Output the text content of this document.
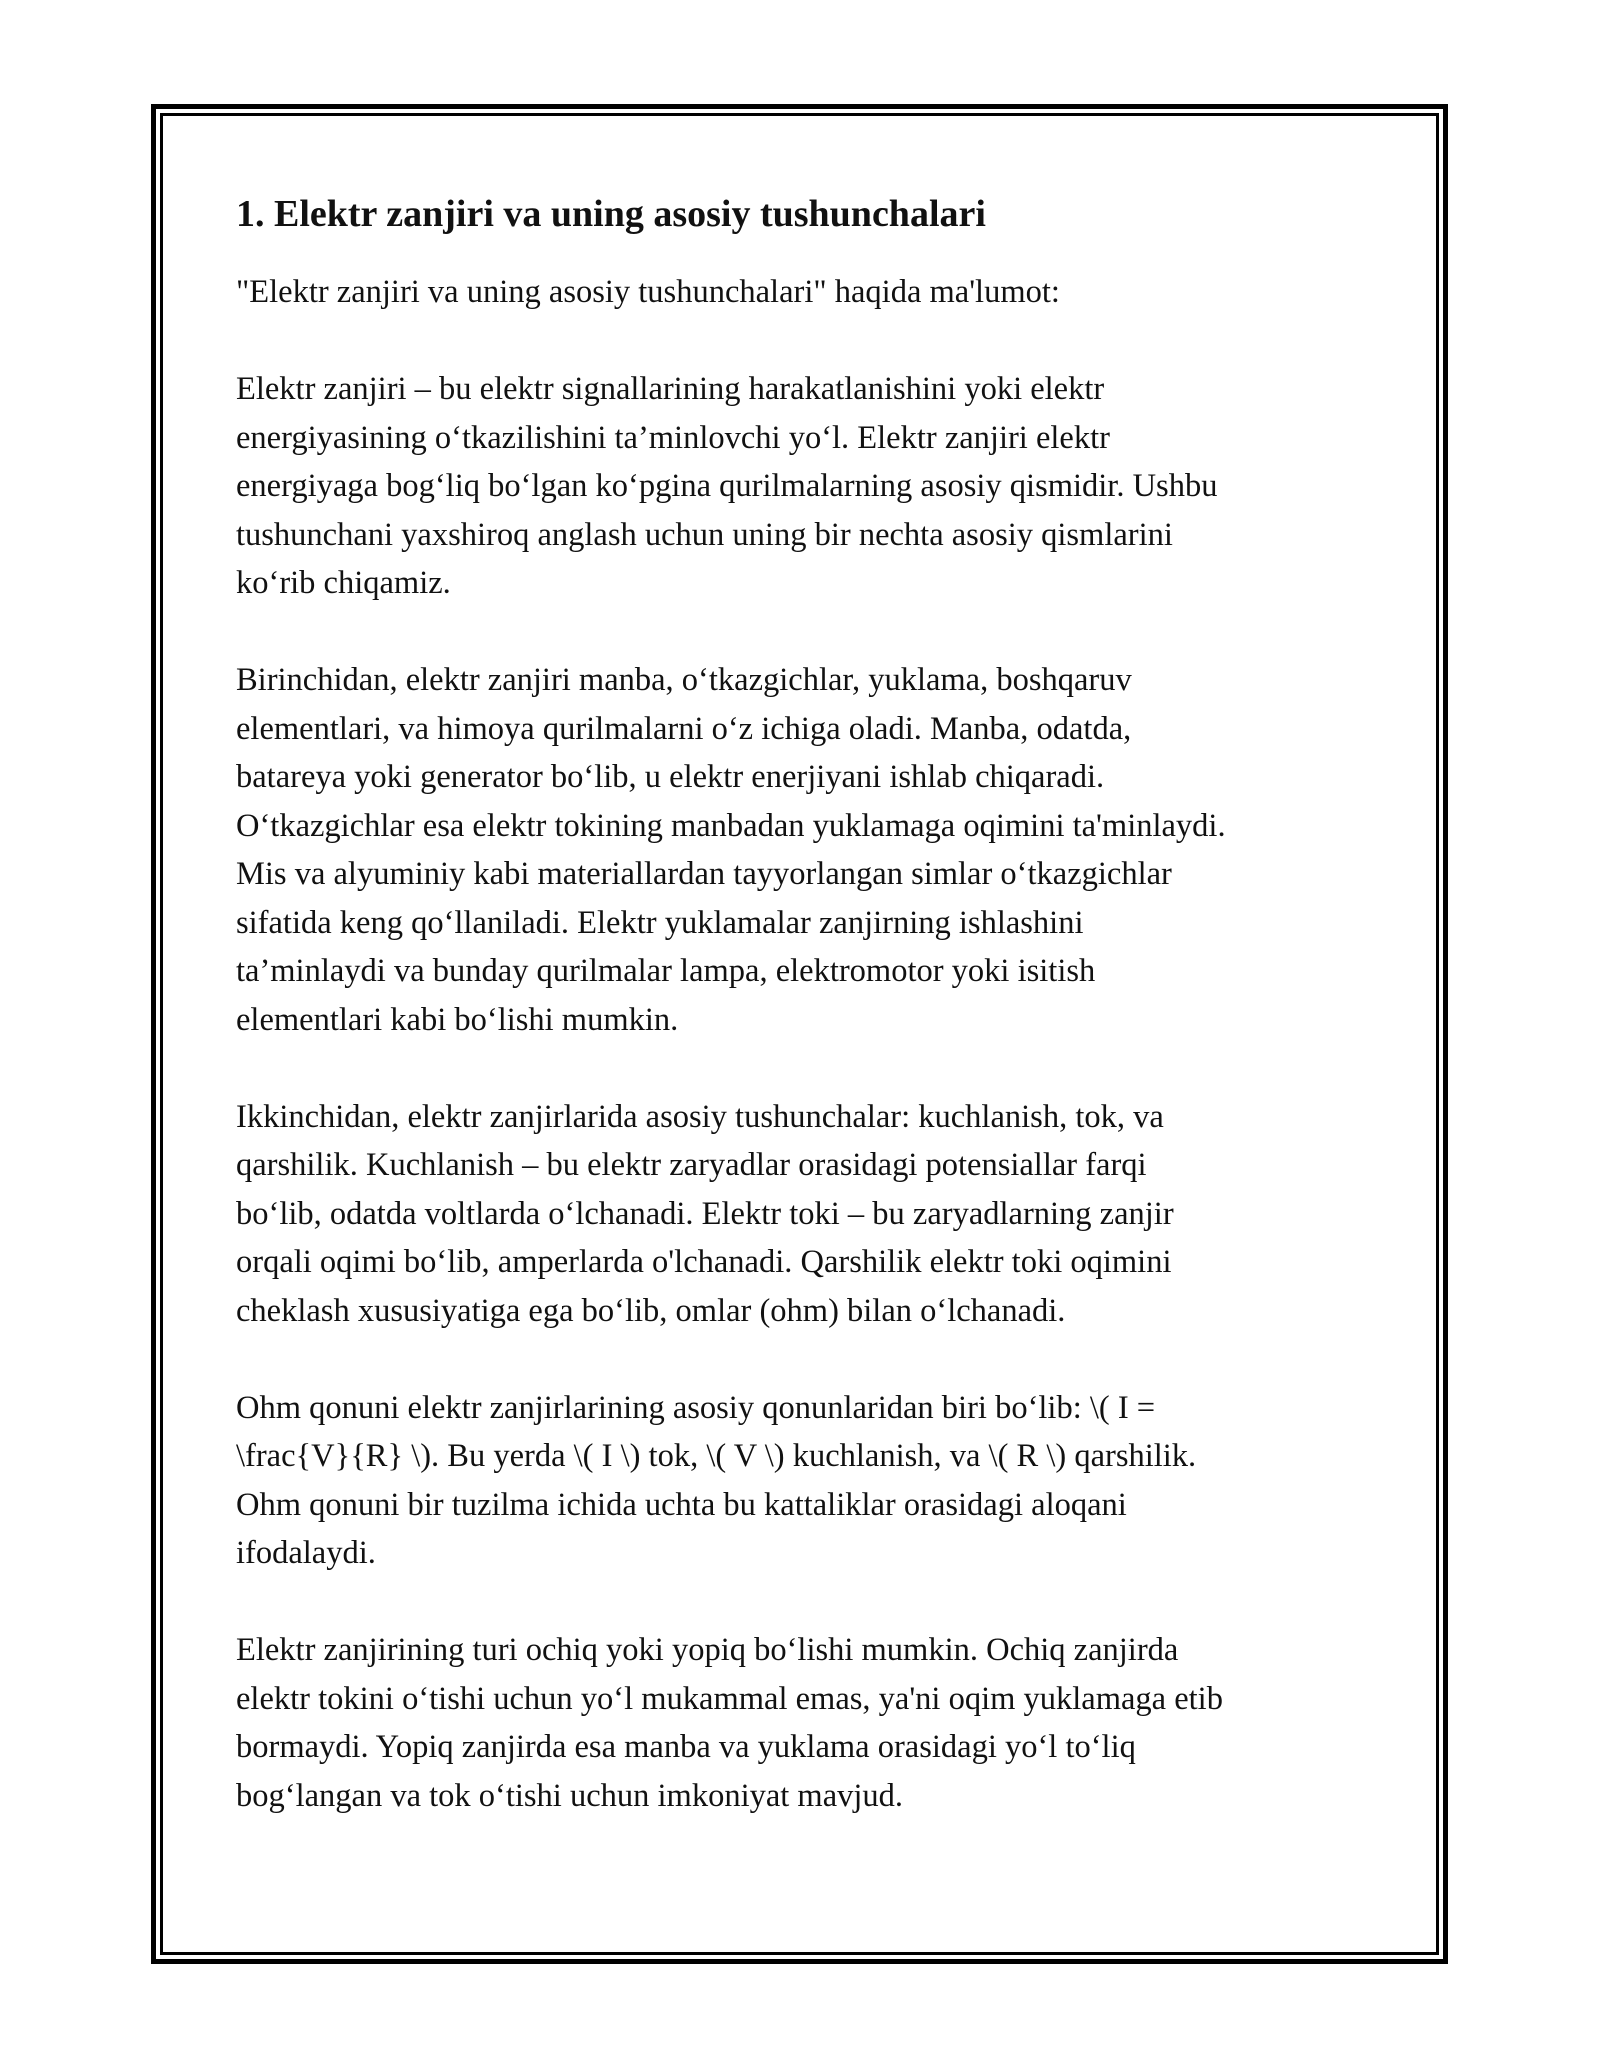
1. Elektr zanjiri va uning asosiy tushunchalari

"Elektr zanjiri va uning asosiy tushunchalari" haqida ma'lumot:

Elektr zanjiri – bu elektr signallarining harakatlanishini yoki elektr
energiyasining o‘tkazilishini ta’minlovchi yo‘l. Elektr zanjiri elektr
energiyaga bog‘liq bo‘lgan ko‘pgina qurilmalarning asosiy qismidir. Ushbu
tushunchani yaxshiroq anglash uchun uning bir nechta asosiy qismlarini
ko‘rib chiqamiz.

Birinchidan, elektr zanjiri manba, o‘tkazgichlar, yuklama, boshqaruv
elementlari, va himoya qurilmalarni o‘z ichiga oladi. Manba, odatda,
batareya yoki generator bo‘lib, u elektr enerjiyani ishlab chiqaradi.
O‘tkazgichlar esa elektr tokining manbadan yuklamaga oqimini ta'minlaydi.
Mis va alyuminiy kabi materiallardan tayyorlangan simlar o‘tkazgichlar
sifatida keng qo‘llaniladi. Elektr yuklamalar zanjirning ishlashini
ta’minlaydi va bunday qurilmalar lampa, elektromotor yoki isitish
elementlari kabi bo‘lishi mumkin.

Ikkinchidan, elektr zanjirlarida asosiy tushunchalar: kuchlanish, tok, va
qarshilik. Kuchlanish – bu elektr zaryadlar orasidagi potensiallar farqi
bo‘lib, odatda voltlarda o‘lchanadi. Elektr toki – bu zaryadlarning zanjir
orqali oqimi bo‘lib, amperlarda o'lchanadi. Qarshilik elektr toki oqimini
cheklash xususiyatiga ega bo‘lib, omlar (ohm) bilan o‘lchanadi.

Ohm qonuni elektr zanjirlarining asosiy qonunlaridan biri bo‘lib: \( I =
\frac{V}{R} \). Bu yerda \( I \) tok, \( V \) kuchlanish, va \( R \) qarshilik.
Ohm qonuni bir tuzilma ichida uchta bu kattaliklar orasidagi aloqani
ifodalaydi.

Elektr zanjirining turi ochiq yoki yopiq bo‘lishi mumkin. Ochiq zanjirda
elektr tokini o‘tishi uchun yo‘l mukammal emas, ya'ni oqim yuklamaga etib
bormaydi. Yopiq zanjirda esa manba va yuklama orasidagi yo‘l to‘liq
bog‘langan va tok o‘tishi uchun imkoniyat mavjud.
